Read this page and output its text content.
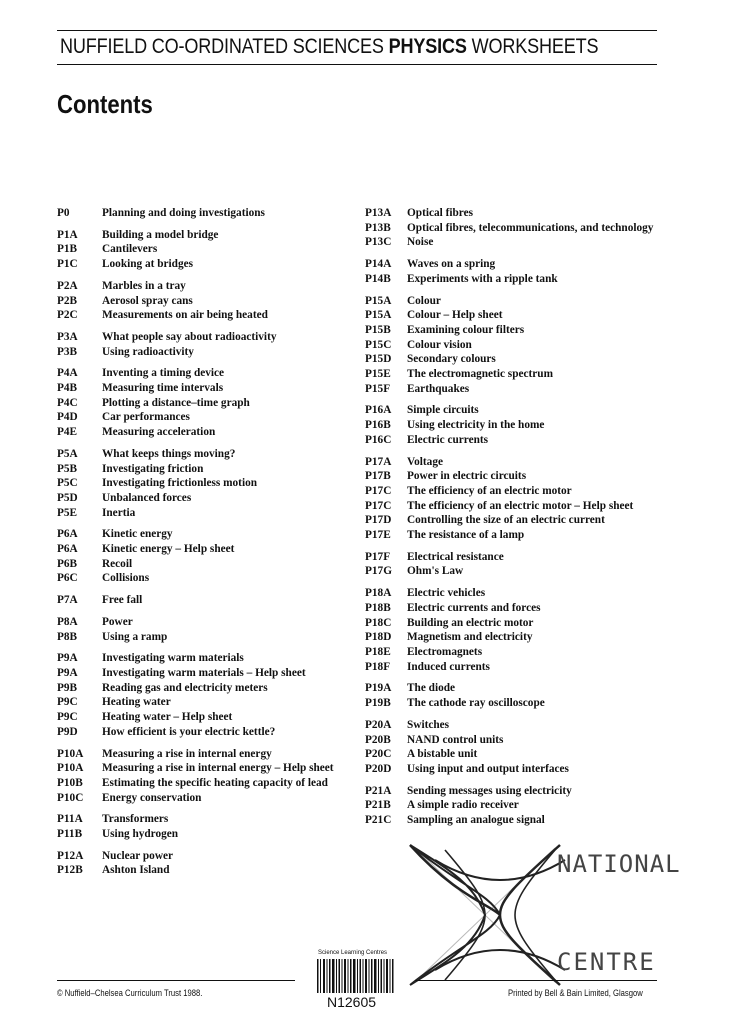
NUFFIELD CO-ORDINATED SCIENCES PHYSICS WORKSHEETS
Contents
P0	Planning and doing investigations
P1A	Building a model bridge
P1B	Cantilevers
P1C	Looking at bridges
P2A	Marbles in a tray
P2B	Aerosol spray cans
P2C	Measurements on air being heated
P3A	What people say about radioactivity
P3B	Using radioactivity
P4A	Inventing a timing device
P4B	Measuring time intervals
P4C	Plotting a distance–time graph
P4D	Car performances
P4E	Measuring acceleration
P5A	What keeps things moving?
P5B	Investigating friction
P5C	Investigating frictionless motion
P5D	Unbalanced forces
P5E	Inertia
P6A	Kinetic energy
P6A	Kinetic energy – Help sheet
P6B	Recoil
P6C	Collisions
P7A	Free fall
P8A	Power
P8B	Using a ramp
P9A	Investigating warm materials
P9A	Investigating warm materials – Help sheet
P9B	Reading gas and electricity meters
P9C	Heating water
P9C	Heating water – Help sheet
P9D	How efficient is your electric kettle?
P10A	Measuring a rise in internal energy
P10A	Measuring a rise in internal energy – Help sheet
P10B	Estimating the specific heating capacity of lead
P10C	Energy conservation
P11A	Transformers
P11B	Using hydrogen
P12A	Nuclear power
P12B	Ashton Island
P13A	Optical fibres
P13B	Optical fibres, telecommunications, and technology
P13C	Noise
P14A	Waves on a spring
P14B	Experiments with a ripple tank
P15A	Colour
P15A	Colour – Help sheet
P15B	Examining colour filters
P15C	Colour vision
P15D	Secondary colours
P15E	The electromagnetic spectrum
P15F	Earthquakes
P16A	Simple circuits
P16B	Using electricity in the home
P16C	Electric currents
P17A	Voltage
P17B	Power in electric circuits
P17C	The efficiency of an electric motor
P17C	The efficiency of an electric motor – Help sheet
P17D	Controlling the size of an electric current
P17E	The resistance of a lamp
P17F	Electrical resistance
P17G	Ohm's Law
P18A	Electric vehicles
P18B	Electric currents and forces
P18C	Building an electric motor
P18D	Magnetism and electricity
P18E	Electromagnets
P18F	Induced currents
P19A	The diode
P19B	The cathode ray oscilloscope
P20A	Switches
P20B	NAND control units
P20C	A bistable unit
P20D	Using input and output interfaces
P21A	Sending messages using electricity
P21B	A simple radio receiver
P21C	Sampling an analogue signal
NATIONAL
CENTRE
© Nuffield–Chelsea Curriculum Trust 1988.	Printed by Bell & Bain Limited, Glasgow
Science Learning Centres
N12605
